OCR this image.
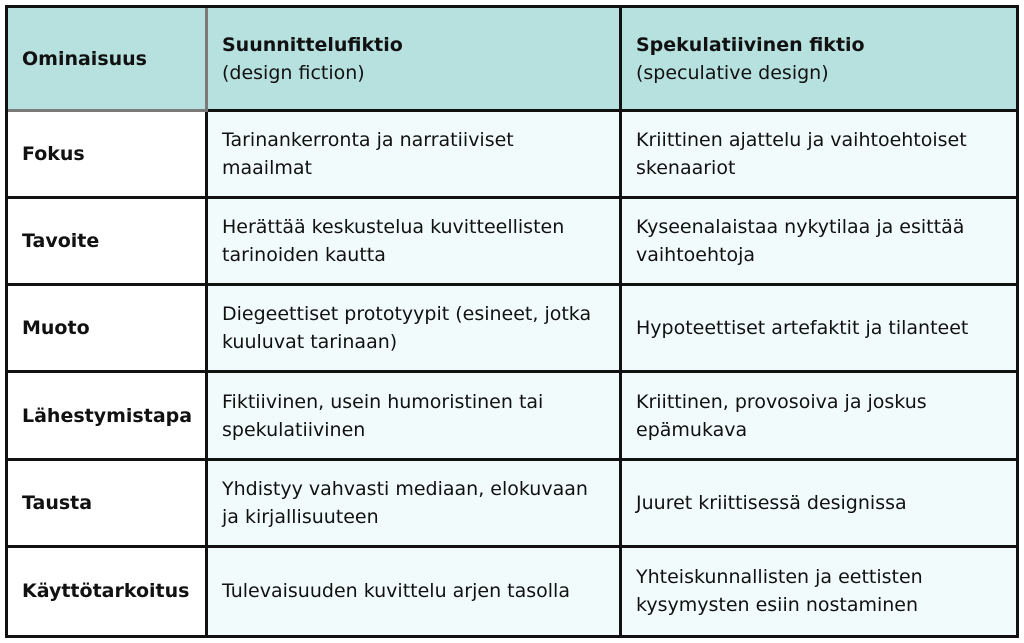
Ominaisuus
Suunnittelufiktio
(design fiction)
Spekulatiivinen fiktio
(speculative design)
Fokus
Tarinankerronta ja narratiiviset maailmat
Kriittinen ajattelu ja vaihtoehtoiset skenaariot
Tavoite
Herättää keskustelua kuvitteellisten tarinoiden kautta
Kyseenalaistaa nykytilaa ja esittää vaihtoehtoja
Muoto
Diegeettiset prototyypit (esineet, jotka kuuluvat tarinaan)
Hypoteettiset artefaktit ja tilanteet
Lähestymistapa
Fiktiivinen, usein humoristinen tai spekulatiivinen
Kriittinen, provosoiva ja joskus epämukava
Tausta
Yhdistyy vahvasti mediaan, elokuvaan ja kirjallisuuteen
Juuret kriittisessä designissa
Käyttötarkoitus Tulevaisuuden kuvittelu arjen tasolla
Yhteiskunnallisten ja eettisten kysymysten esiin nostaminen
